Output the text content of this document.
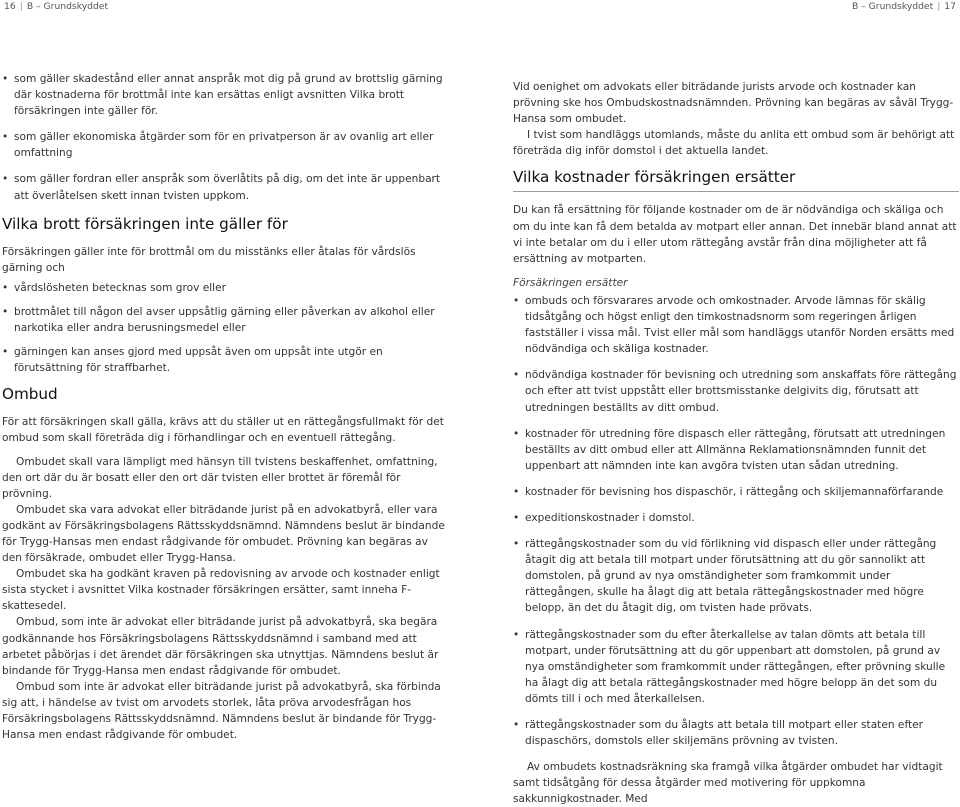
16 | B – Grundskyddet	B – Grundskyddet | 17
• som gäller skadestånd eller annat anspråk mot dig på grund av brottslig gärning där kostnaderna för brottmål inte kan ersättas enligt avsnitten Vilka brott försäkringen inte gäller för.
• som gäller ekonomiska åtgärder som för en privatperson är av ovanlig art eller omfattning
• som gäller fordran eller anspråk som överlåtits på dig, om det inte är uppenbart att överlåtelsen skett innan tvisten uppkom.
Vilka brott försäkringen inte gäller för

Försäkringen gäller inte för brottmål om du misstänks eller åtalas för vårdslös gärning och

• vårdslösheten betecknas som grov eller
• brottmålet till någon del avser uppsåtlig gärning eller påverkan av alkohol eller narkotika eller andra berusningsmedel eller
• gärningen kan anses gjord med uppsåt även om uppsåt inte utgör en förutsättning för straffbarhet.
Ombud

För att försäkringen skall gälla, krävs att du ställer ut en rättegångsfullmakt för det ombud som skall företräda dig i förhandlingar och en eventuell rättegång.

Ombudet skall vara lämpligt med hänsyn till tvistens beskaffenhet, omfattning, den ort där du är bosatt eller den ort där tvisten eller brottet är föremål för prövning.

Ombudet ska vara advokat eller biträdande jurist på en advokatbyrå, eller vara godkänt av Försäkringsbolagens Rättsskyddsnämnd. Nämndens beslut är bindande för Trygg-Hansas men endast rådgivande för ombudet. Prövning kan begäras av den försäkrade, ombudet eller Trygg-Hansa.

Ombudet ska ha godkänt kraven på redovisning av arvode och kostnader enligt sista stycket i avsnittet Vilka kostnader försäkringen ersätter, samt inneha F-skattesedel.

Ombud, som inte är advokat eller biträdande jurist på advokatbyrå, ska begära godkännande hos Försäkringsbolagens Rättsskyddsnämnd i samband med att arbetet påbörjas i det ärendet där försäkringen ska utnyttjas. Nämndens beslut är bindande för Trygg-Hansa men endast rådgivande för ombudet.

Ombud som inte är advokat eller biträdande jurist på advokatbyrå, ska förbinda sig att, i händelse av tvist om arvodets storlek, låta pröva arvodesfrågan hos Försäkringsbolagens Rättsskyddsnämnd. Nämndens beslut är bindande för Trygg-Hansa men endast rådgivande för ombudet.

Vid oenighet om advokats eller biträdande jurists arvode och kostnader kan prövning ske hos Ombudskostnadsnämnden. Prövning kan begäras av såväl Trygg-Hansa som ombudet.

I tvist som handläggs utomlands, måste du anlita ett ombud som är behörigt att företräda dig inför domstol i det aktuella landet.

Vilka kostnader försäkringen ersätter

Du kan få ersättning för följande kostnader om de är nödvändiga och skäliga och om du inte kan få dem betalda av motpart eller annan. Det innebär bland annat att vi inte betalar om du i eller utom rättegång avstår från dina möjligheter att få ersättning av motparten.

Försäkringen ersätter

• ombuds och försvarares arvode och omkostnader. Arvode lämnas för skälig tidsåtgång och högst enligt den timkostnadsnorm som regeringen årligen fastställer i vissa mål. Tvist eller mål som handläggs utanför Norden ersätts med nödvändiga och skäliga kostnader.
• nödvändiga kostnader för bevisning och utredning som anskaffats före rättegång och efter att tvist uppstått eller brottsmisstanke delgivits dig, förutsatt att utredningen beställts av ditt ombud.
• kostnader för utredning före dispasch eller rättegång, förutsatt att utredningen beställts av ditt ombud eller att Allmänna Reklamationsnämnden funnit det uppenbart att nämnden inte kan avgöra tvisten utan sådan utredning.
• kostnader för bevisning hos dispaschör, i rättegång och skiljemannaförfarande
• expeditionskostnader i domstol.
• rättegångskostnader som du vid förlikning vid dispasch eller under rättegång åtagit dig att betala till motpart under förutsättning att du gör sannolikt att domstolen, på grund av nya omständigheter som framkommit under rättegången, skulle ha ålagt dig att betala rättegångskostnader med högre belopp, än det du åtagit dig, om tvisten hade prövats.
• rättegångskostnader som du efter återkallelse av talan dömts att betala till motpart, under förutsättning att du gör uppenbart att domstolen, på grund av nya omständigheter som framkommit under rättegången, efter prövning skulle ha ålagt dig att betala rättegångskostnader med högre belopp än det som du dömts till i och med återkallelsen.
• rättegångskostnader som du ålagts att betala till motpart eller staten efter dispaschörs, domstols eller skiljemäns prövning av tvisten.

Av ombudets kostnadsräkning ska framgå vilka åtgärder ombudet har vidtagit samt tidsåtgång för dessa åtgärder med motivering för uppkomna sakkunnigkostnader. Med
